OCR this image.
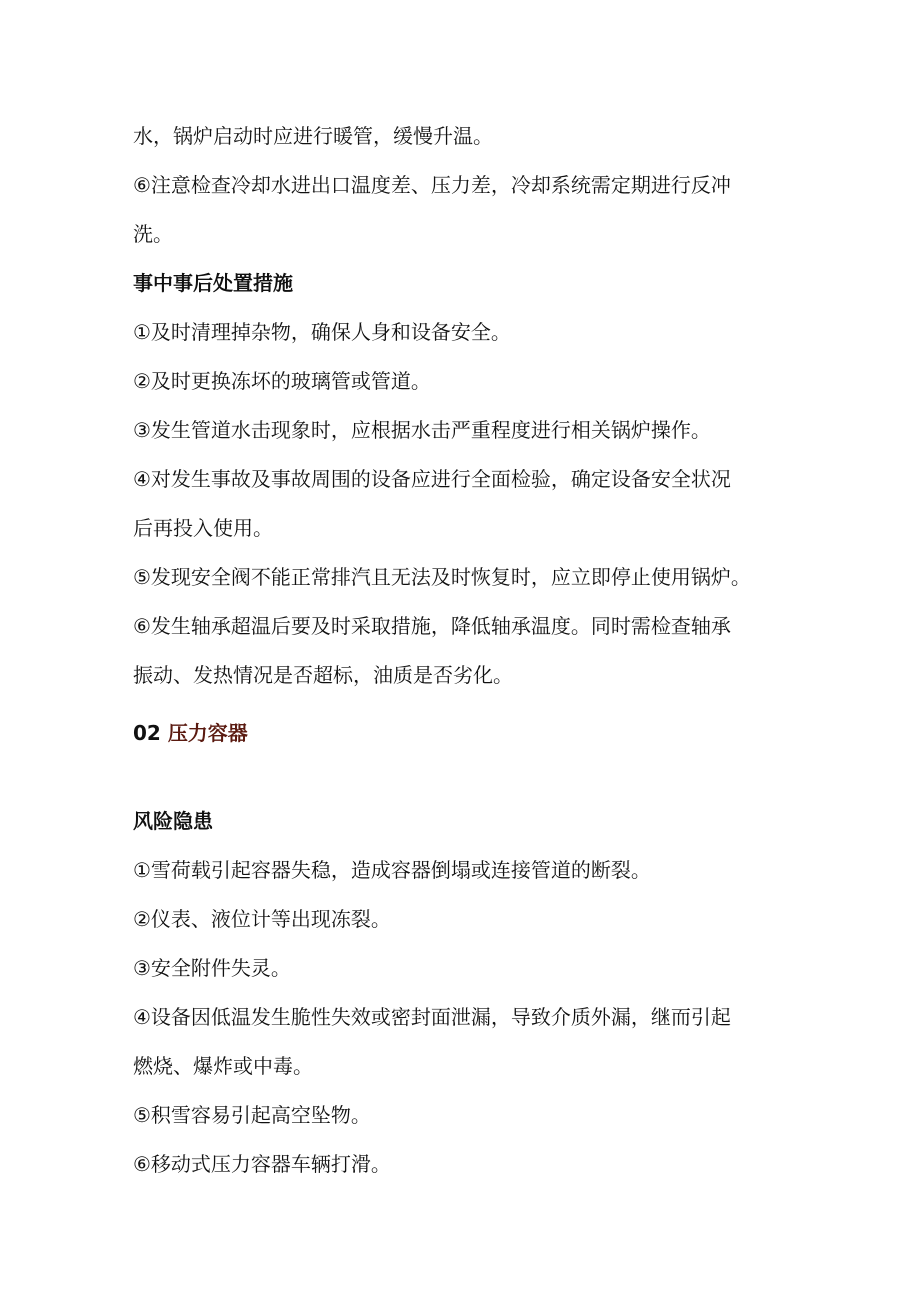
水，锅炉启动时应进行暖管，缓慢升温。

⑥注意检查冷却水进出口温度差、压力差，冷却系统需定期进行反冲

洗。

事中事后处置措施

①及时清理掉杂物，确保人身和设备安全。

②及时更换冻坏的玻璃管或管道。

③发生管道水击现象时，应根据水击严重程度进行相关锅炉操作。

④对发生事故及事故周围的设备应进行全面检验，确定设备安全状况

后再投入使用。

⑤发现安全阀不能正常排汽且无法及时恢复时，应立即停止使用锅炉。

⑥发生轴承超温后要及时采取措施，降低轴承温度。同时需检查轴承

振动、发热情况是否超标，油质是否劣化。

02 压力容器

风险隐患

①雪荷载引起容器失稳，造成容器倒塌或连接管道的断裂。

②仪表、液位计等出现冻裂。

③安全附件失灵。

④设备因低温发生脆性失效或密封面泄漏，导致介质外漏，继而引起

燃烧、爆炸或中毒。

⑤积雪容易引起高空坠物。

⑥移动式压力容器车辆打滑。
